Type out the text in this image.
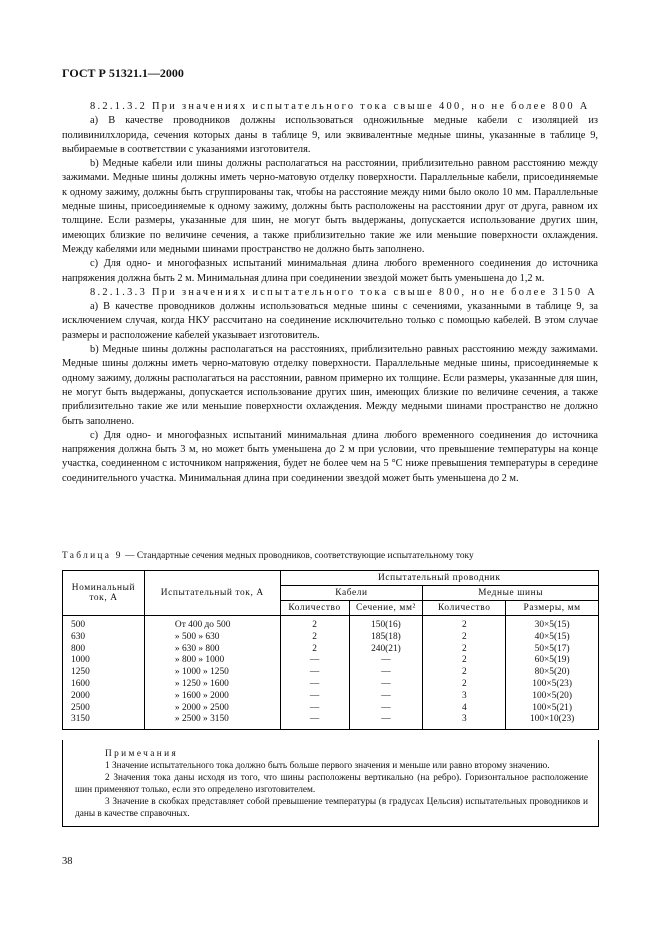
ГОСТ Р 51321.1—2000

8.2.1.3.2 При значениях испытательного тока свыше 400, но не более 800 А

а) В качестве проводников должны использоваться одножильные медные кабели с изоляцией из поливинилхлорида, сечения которых даны в таблице 9, или эквивалентные медные шины, указанные в таблице 9, выбираемые в соответствии с указаниями изготовителя.

b) Медные кабели или шины должны располагаться на расстоянии, приблизительно равном расстоянию между зажимами. Медные шины должны иметь черно-матовую отделку поверхности. Параллельные кабели, присоединяемые к одному зажиму, должны быть сгруппированы так, чтобы на расстояние между ними было около 10 мм. Параллельные медные шины, присоединяемые к одному зажиму, должны быть расположены на расстоянии друг от друга, равном их толщине. Если размеры, указанные для шин, не могут быть выдержаны, допускается использование других шин, имеющих близкие по величине сечения, а также приблизительно такие же или меньшие поверхности охлаждения. Между кабелями или медными шинами пространство не должно быть заполнено.

с) Для одно- и многофазных испытаний минимальная длина любого временного соединения до источника напряжения должна быть 2 м. Минимальная длина при соединении звездой может быть уменьшена до 1,2 м.

8.2.1.3.3 При значениях испытательного тока свыше 800, но не более 3150 А

а) В качестве проводников должны использоваться медные шины с сечениями, указанными в таблице 9, за исключением случая, когда НКУ рассчитано на соединение исключительно только с помощью кабелей. В этом случае размеры и расположение кабелей указывает изготовитель.

b) Медные шины должны располагаться на расстояниях, приблизительно равных расстоянию между зажимами. Медные шины должны иметь черно-матовую отделку поверхности. Параллельные медные шины, присоединяемые к одному зажиму, должны располагаться на расстоянии, равном примерно их толщине. Если размеры, указанные для шин, не могут быть выдержаны, допускается использование других шин, имеющих близкие по величине сечения, а также приблизительно такие же или меньшие поверхности охлаждения. Между медными шинами пространство не должно быть заполнено.

с) Для одно- и многофазных испытаний минимальная длина любого временного соединения до источника напряжения должна быть 3 м, но может быть уменьшена до 2 м при условии, что превышение температуры на конце участка, соединенном с источником напряжения, будет не более чем на 5 °С ниже превышения температуры в середине соединительного участка. Минимальная длина при соединении звездой может быть уменьшена до 2 м.

Таблица 9 — Стандартные сечения медных проводников, соответствующие испытательному току
Номинальный ток, А	Испытательный ток, А	Испытательный проводник			
		Кабели		Медные шины	
		Количество	Сечение, мм²	Количество	Размеры, мм
500	От 400 до 500	2	150(16)	2	30×5(15)
630	» 500 » 630	2	185(18)	2	40×5(15)
800	» 630 » 800	2	240(21)	2	50×5(17)
1000	» 800 » 1000	—	—	2	60×5(19)
1250	» 1000 » 1250	—	—	2	80×5(20)
1600	» 1250 » 1600	—	—	2	100×5(23)
2000	» 1600 » 2000	—	—	3	100×5(20)
2500	» 2000 » 2500	—	—	4	100×5(21)
3150	» 2500 » 3150	—	—	3	100×10(23)

Примечания

1 Значение испытательного тока должно быть больше первого значения и меньше или равно второму значению.

2 Значения тока даны исходя из того, что шины расположены вертикально (на ребро). Горизонтальное расположение шин применяют только, если это определено изготовителем.

3 Значение в скобках представляет собой превышение температуры (в градусах Цельсия) испытательных проводников и даны в качестве справочных.

38
